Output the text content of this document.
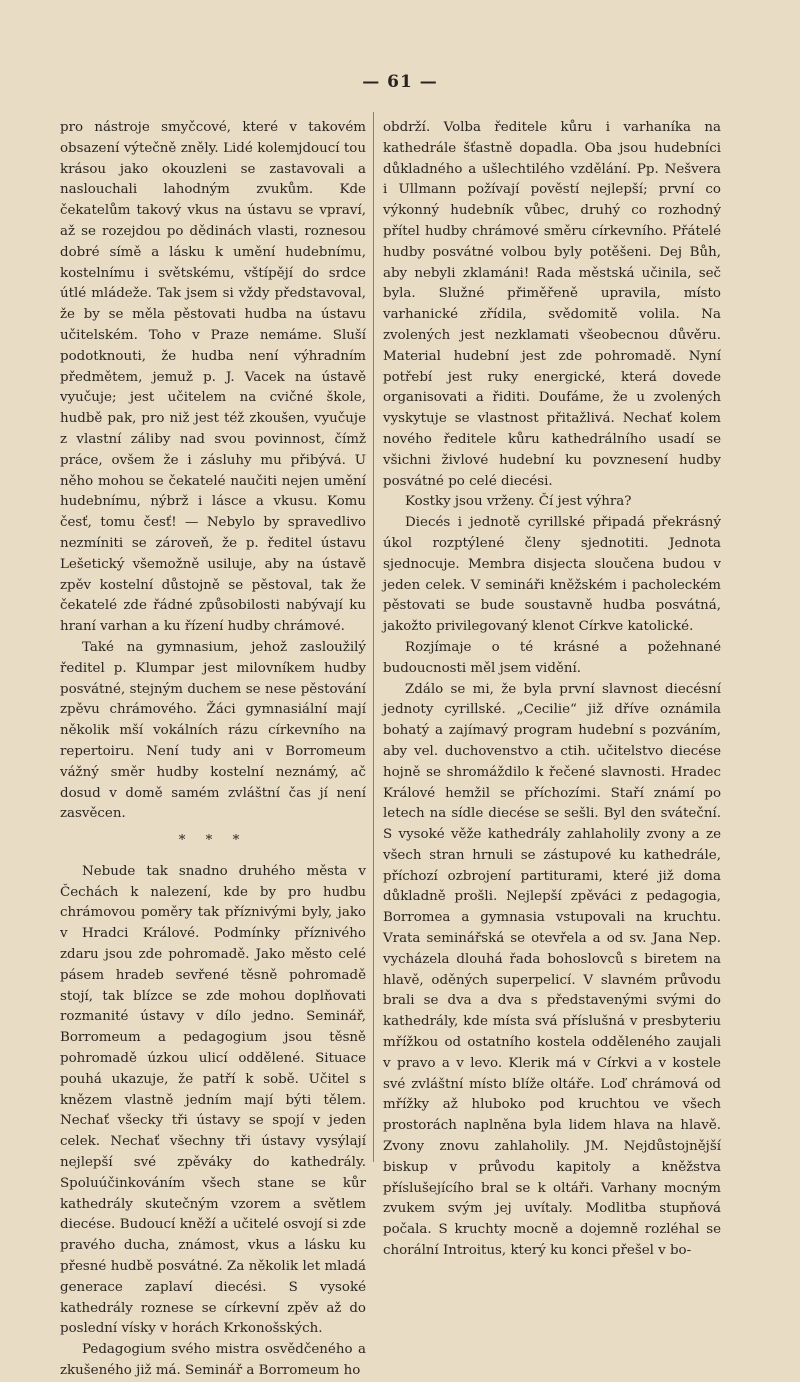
— 61 —

pro nástroje smyčcové, které v takovém obsazení výtečně zněly. Lidé kolemjdoucí tou krásou jako okouzleni se zastavovali a naslouchali lahodným zvukům. Kde čekatelům takový vkus na ústavu se vpraví, až se rozejdou po dědinách vlasti, roznesou dobré símě a lásku k umění hudebnímu, kostelnímu i světskému, vštípějí do srdce útlé mládeže. Tak jsem si vždy představoval, že by se měla pěstovati hudba na ústavu učitelském. Toho v Praze nemáme. Sluší podotknouti, že hudba není výhradním předmětem, jemuž p. J. Vacek na ústavě vyučuje; jest učitelem na cvičné škole, hudbě pak, pro niž jest též zkoušen, vyučuje z vlastní záliby nad svou povinnost, čímž práce, ovšem že i zásluhy mu přibývá. U něho mohou se čekatelé naučiti nejen umění hudebnímu, nýbrž i lásce a vkusu. Komu česť, tomu česť! — Nebylo by spravedlivo nezmíniti se zároveň, že p. ředitel ústavu Lešetický všemožně usiluje, aby na ústavě zpěv kostelní důstojně se pěstoval, tak že čekatelé zde řádné způsobilosti nabývají ku hraní varhan a ku řízení hudby chrámové.

Také na gymnasium, jehož zasloužilý ředitel p. Klumpar jest milovníkem hudby posvátné, stejným duchem se nese pěstování zpěvu chrámového. Žáci gymnasiální mají několik mší vokálních rázu církevního na repertoiru. Není tudy ani v Borromeum vážný směr hudby kostelní neznámý, ač dosud v domě samém zvláštní čas jí není zasvěcen.

* * *

Nebude tak snadno druhého města v Čechách k nalezení, kde by pro hudbu chrámovou poměry tak příznivými byly, jako v Hradci Králové. Podmínky příznivého zdaru jsou zde pohromadě. Jako město celé pásem hradeb sevřené těsně pohromadě stojí, tak blízce se zde mohou doplňovati rozmanité ústavy v dílo jedno. Seminář, Borromeum a pedagogium jsou těsně pohromadě úzkou ulicí oddělené. Situace pouhá ukazuje, že patří k sobě. Učitel s knězem vlastně jedním mají býti tělem. Nechať všecky tři ústavy se spojí v jeden celek. Nechať všechny tři ústavy vysýlají nejlepší své zpěváky do kathedrály. Spoluúčinkováním všech stane se kůr kathedrály skutečným vzorem a světlem diecése. Budoucí kněží a učitelé osvojí si zde pravého ducha, známost, vkus a lásku ku přesné hudbě posvátné. Za několik let mladá generace zaplaví diecési. S vysoké kathedrály roznese se církevní zpěv až do poslední vísky v horách Krkonošských.

Pedagogium svého mistra osvědčeného a zkušeného již má. Seminář a Borromeum ho

obdrží. Volba ředitele kůru i varhaníka na kathedrále šťastně dopadla. Oba jsou hudebníci důkladného a ušlechtilého vzdělání. Pp. Nešvera i Ullmann požívají pověstí nejlepší; první co výkonný hudebník vůbec, druhý co rozhodný přítel hudby chrámové směru církevního. Přátelé hudby posvátné volbou byly potěšeni. Dej Bůh, aby nebyli zklamáni! Rada městská učinila, seč byla. Služné přiměřeně upravila, místo varhanické zřídila, svědomitě volila. Na zvolených jest nezklamati všeobecnou důvěru. Material hudební jest zde pohromadě. Nyní potřebí jest ruky energické, která dovede organisovati a řiditi. Doufáme, že u zvolených vyskytuje se vlastnost přitažlivá. Nechať kolem nového ředitele kůru kathedrálního usadí se všichni živlové hudební ku povznesení hudby posvátné po celé diecési.

Kostky jsou vrženy. Čí jest výhra?

Diecés i jednotě cyrillské připadá překrásný úkol rozptýlené členy sjednotiti. Jednota sjednocuje. Membra disjecta sloučena budou v jeden celek. V semináři kněžském i pacholeckém pěstovati se bude soustavně hudba posvátná, jakožto privilegovaný klenot Církve katolické.

Rozjímaje o té krásné a požehnané budoucnosti měl jsem vidění.

Zdálo se mi, že byla první slavnost diecésní jednoty cyrillské. „Cecilie“ již dříve oznámila bohatý a zajímavý program hudební s pozváním, aby vel. duchovenstvo a ctih. učitelstvo diecése hojně se shromáždilo k řečené slavnosti. Hradec Králové hemžil se příchozími. Staří známí po letech na sídle diecése se sešli. Byl den sváteční. S vysoké věže kathedrály zahlaholily zvony a ze všech stran hrnuli se zástupové ku kathedrále, příchozí ozbrojení partiturami, které již doma důkladně prošli. Nejlepší zpěváci z pedagogia, Borromea a gymnasia vstupovali na kruchtu. Vrata seminářská se otevřela a od sv. Jana Nep. vycházela dlouhá řada bohoslovců s biretem na hlavě, oděných superpelicí. V slavném průvodu brali se dva a dva s představenými svými do kathedrály, kde místa svá příslušná v presbyteriu mřížkou od ostatního kostela odděleného zaujali v pravo a v levo. Klerik má v Církvi a v kostele své zvláštní místo blíže oltáře. Loď chrámová od mřížky až hluboko pod kruchtou ve všech prostorách naplněna byla lidem hlava na hlavě. Zvony znovu zahlaholily. JM. Nejdůstojnější biskup v průvodu kapitoly a kněžstva příslušejícího bral se k oltáři. Varhany mocným zvukem svým jej uvítaly. Modlitba stupňová počala. S kruchty mocně a dojemně rozléhal se chorální Introitus, který ku konci přešel v bo-
